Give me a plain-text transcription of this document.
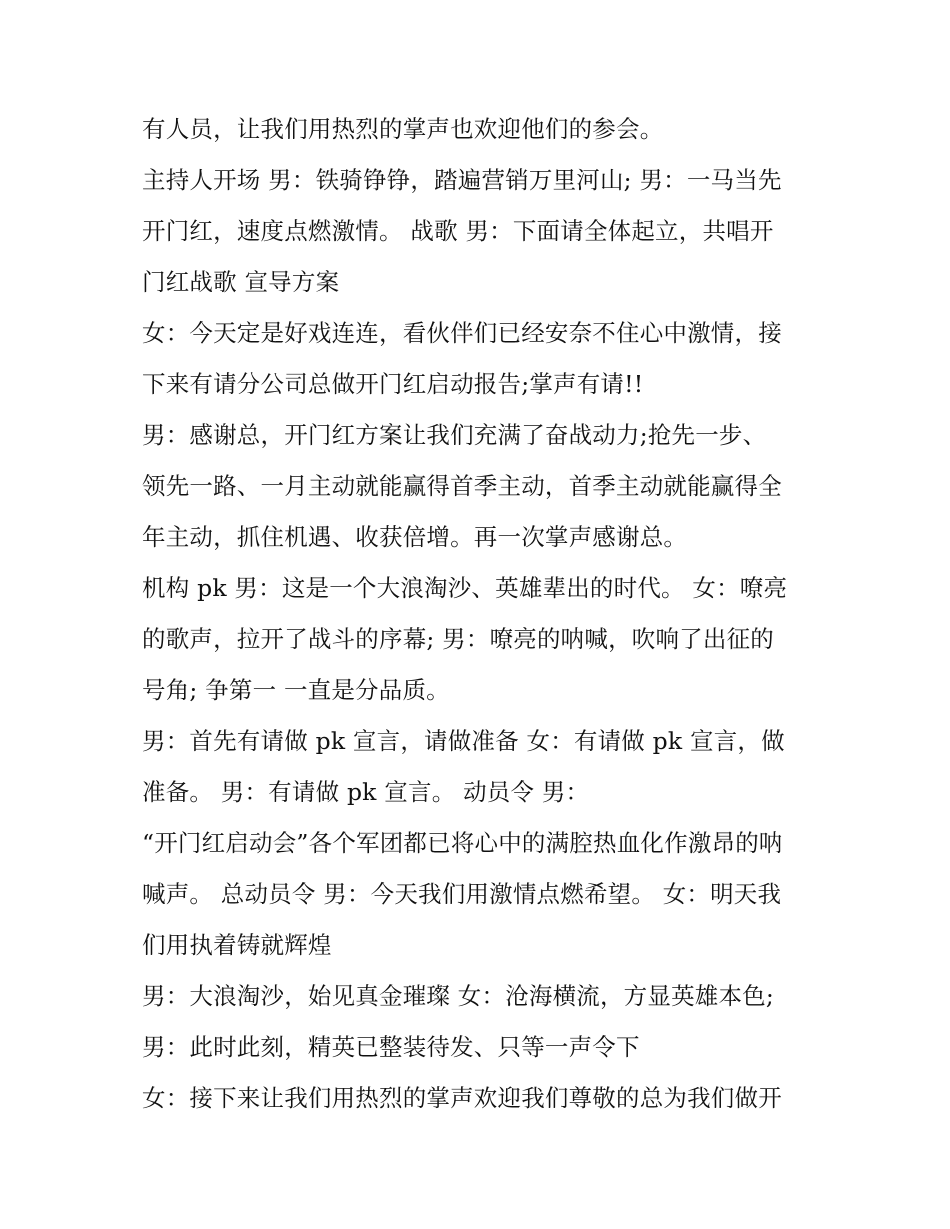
有人员，让我们用热烈的掌声也欢迎他们的参会。
主持人开场 男：铁骑铮铮，踏遍营销万里河山; 男：一马当先
开门红，速度点燃激情。 战歌 男：下面请全体起立，共唱开
门红战歌 宣导方案
女：今天定是好戏连连，看伙伴们已经安奈不住心中激情，接
下来有请分公司总做开门红启动报告;掌声有请!!
男：感谢总，开门红方案让我们充满了奋战动力;抢先一步、
领先一路、一月主动就能赢得首季主动，首季主动就能赢得全
年主动，抓住机遇、收获倍增。再一次掌声感谢总。
机构 pk 男：这是一个大浪淘沙、英雄辈出的时代。 女：嘹亮
的歌声，拉开了战斗的序幕; 男：嘹亮的呐喊，吹响了出征的
号角; 争第一 一直是分品质。
男：首先有请做 pk 宣言，请做准备 女：有请做 pk 宣言，做
准备。 男：有请做 pk 宣言。 动员令 男：
“开门红启动会”各个军团都已将心中的满腔热血化作激昂的呐
喊声。 总动员令 男：今天我们用激情点燃希望。 女：明天我
们用执着铸就辉煌
男：大浪淘沙，始见真金璀璨 女：沧海横流，方显英雄本色;
男：此时此刻，精英已整装待发、只等一声令下
女：接下来让我们用热烈的掌声欢迎我们尊敬的总为我们做开
